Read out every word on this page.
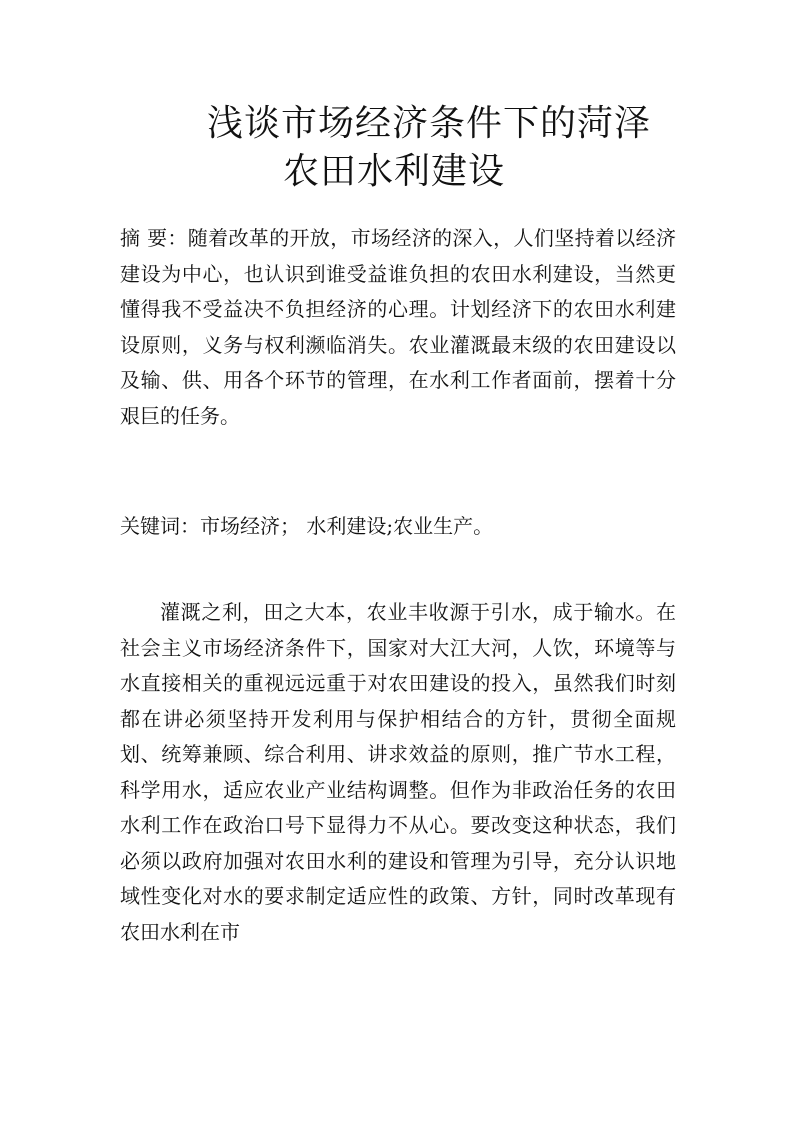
浅谈市场经济条件下的菏泽
农田水利建设

摘 要：随着改革的开放，市场经济的深入，人们坚持着以经济建设为中心，也认识到谁受益谁负担的农田水利建设，当然更懂得我不受益决不负担经济的心理。计划经济下的农田水利建设原则，义务与权利濒临消失。农业灌溉最末级的农田建设以及输、供、用各个环节的管理，在水利工作者面前，摆着十分艰巨的任务。

关键词：市场经济； 水利建设;农业生产。

灌溉之利，田之大本，农业丰收源于引水，成于输水。在社会主义市场经济条件下，国家对大江大河，人饮，环境等与水直接相关的重视远远重于对农田建设的投入，虽然我们时刻都在讲必须坚持开发利用与保护相结合的方针，贯彻全面规划、统筹兼顾、综合利用、讲求效益的原则，推广节水工程，科学用水，适应农业产业结构调整。但作为非政治任务的农田水利工作在政治口号下显得力不从心。要改变这种状态，我们必须以政府加强对农田水利的建设和管理为引导，充分认识地域性变化对水的要求制定适应性的政策、方针，同时改革现有农田水利在市
